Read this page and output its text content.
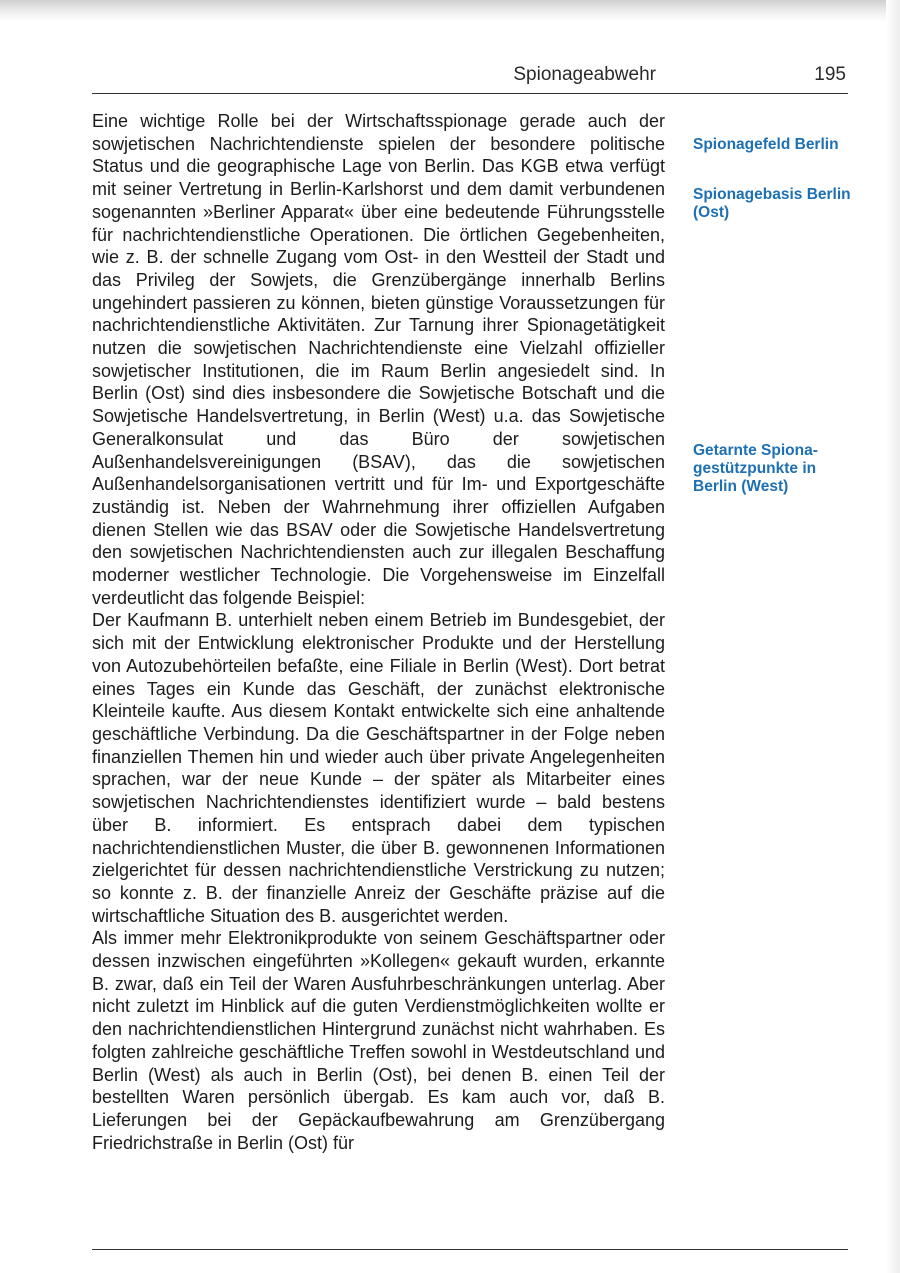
Spionageabwehr	195

Eine wichtige Rolle bei der Wirtschaftsspionage gerade auch der sowjetischen Nachrichtendienste spielen der besondere politische Status und die geographische Lage von Berlin. Das KGB etwa verfügt mit seiner Vertretung in Berlin-Karlshorst und dem damit verbundenen sogenannten »Berliner Apparat« über eine bedeutende Führungsstelle für nachrichtendienstliche Operationen. Die örtlichen Gegebenheiten, wie z. B. der schnelle Zugang vom Ost- in den Westteil der Stadt und das Privileg der Sowjets, die Grenzübergänge innerhalb Berlins ungehindert passieren zu können, bieten günstige Voraussetzungen für nachrichtendienstliche Aktivitäten. Zur Tarnung ihrer Spionagetätigkeit nutzen die sowjetischen Nachrichtendienste eine Vielzahl offizieller sowjetischer Institutionen, die im Raum Berlin angesiedelt sind. In Berlin (Ost) sind dies insbesondere die Sowjetische Botschaft und die Sowjetische Handelsvertretung, in Berlin (West) u.a. das Sowjetische Generalkonsulat und das Büro der sowjetischen Außenhandelsvereinigungen (BSAV), das die sowjetischen Außenhandelsorganisationen vertritt und für Im- und Exportgeschäfte zuständig ist. Neben der Wahrnehmung ihrer offiziellen Aufgaben dienen Stellen wie das BSAV oder die Sowjetische Handelsvertretung den sowjetischen Nachrichtendiensten auch zur illegalen Beschaffung moderner westlicher Technologie. Die Vorgehensweise im Einzelfall verdeutlicht das folgende Beispiel:

Der Kaufmann B. unterhielt neben einem Betrieb im Bundesgebiet, der sich mit der Entwicklung elektronischer Produkte und der Herstellung von Autozubehörteilen befaßte, eine Filiale in Berlin (West). Dort betrat eines Tages ein Kunde das Geschäft, der zunächst elektronische Kleinteile kaufte. Aus diesem Kontakt entwickelte sich eine anhaltende geschäftliche Verbindung. Da die Geschäftspartner in der Folge neben finanziellen Themen hin und wieder auch über private Angelegenheiten sprachen, war der neue Kunde – der später als Mitarbeiter eines sowjetischen Nachrichtendienstes identifiziert wurde – bald bestens über B. informiert. Es entsprach dabei dem typischen nachrichtendienstlichen Muster, die über B. gewonnenen Informationen zielgerichtet für dessen nachrichtendienstliche Verstrickung zu nutzen; so konnte z. B. der finanzielle Anreiz der Geschäfte präzise auf die wirtschaftliche Situation des B. ausgerichtet werden.

Als immer mehr Elektronikprodukte von seinem Geschäftspartner oder dessen inzwischen eingeführten »Kollegen« gekauft wurden, erkannte B. zwar, daß ein Teil der Waren Ausfuhrbeschränkungen unterlag. Aber nicht zuletzt im Hinblick auf die guten Verdienstmöglichkeiten wollte er den nachrichtendienstlichen Hintergrund zunächst nicht wahrhaben. Es folgten zahlreiche geschäftliche Treffen sowohl in Westdeutschland und Berlin (West) als auch in Berlin (Ost), bei denen B. einen Teil der bestellten Waren persönlich übergab. Es kam auch vor, daß B. Lieferungen bei der Gepäckaufbewahrung am Grenzübergang Friedrichstraße in Berlin (Ost) für

Spionagefeld Berlin
Spionagebasis Berlin (Ost)
Getarnte Spionagestützpunkte in Berlin (West)
